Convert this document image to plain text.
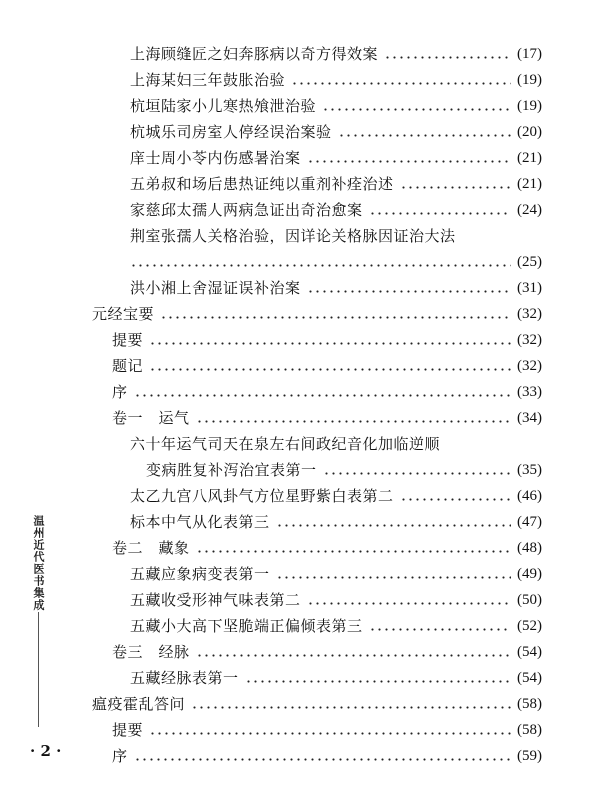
上海顾缝匠之妇奔豚病以奇方得效案	(17)
上海某妇三年鼓胀治验	(19)
杭垣陆家小儿寒热飧泄治验	(19)
杭城乐司房室人停经误治案验	(20)
庠士周小苓内伤感暑治案	(21)
五弟叔和场后患热证纯以重剂补痊治述	(21)
家慈邱太孺人两病急证出奇治愈案	(24)
荆室张孺人关格治验，因详论关格脉因证治大法
(25)
洪小湘上舍湿证误补治案	(31)
元经宝要	(32)
提要	(32)
题记	(32)
序	(33)
卷一　运气	(34)
六十年运气司天在泉左右间政纪音化加临逆顺
变病胜复补泻治宜表第一	(35)
太乙九宫八风卦气方位星野紫白表第二	(46)
标本中气从化表第三	(47)
卷二　藏象	(48)
五藏应象病变表第一	(49)
五藏收受形神气味表第二	(50)
五藏小大高下坚脆端正偏倾表第三	(52)
卷三　经脉	(54)
五藏经脉表第一	(54)
瘟疫霍乱答问	(58)
提要	(58)
序	(59)
温州近代医书集成
· 2 ·
